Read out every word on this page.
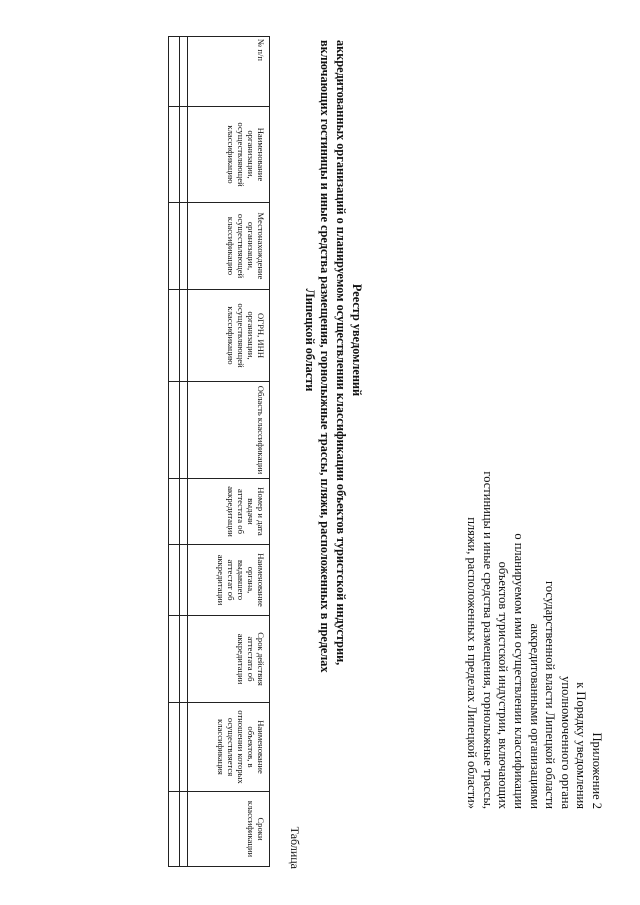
Приложение 2
к Порядку уведомления
уполномоченного органа
государственной власти Липецкой области
аккредитованными организациями
о планируемом ими осуществлении классификации
объектов туристской индустрии, включающих
гостиницы и иные средства размещения, горнолыжные трассы,
пляжи, расположенных в пределах Липецкой области»
Реестр уведомлений
аккредитованных организаций о планируемом осуществлении классификации объектов туристской индустрии,
включающих гостиницы и иные средства размещения, горнолыжные трассы, пляжи, расположенных в пределах
Липецкой области
Таблица
№ п/п	Наименование организации, осуществляющей классификацию	Местонахождение организации, осуществляющей классификацию	ОГРН, ИНН организации, осуществляющей классификацию	Область классификации	Номер и дата выдачи аттестата об аккредитации	Наименование органа, выдавшего аттестат об аккредитации	Срок действия аттестата об аккредитации	Наименование объектов, в отношении которых осуществляется классификация	Сроки классификации
